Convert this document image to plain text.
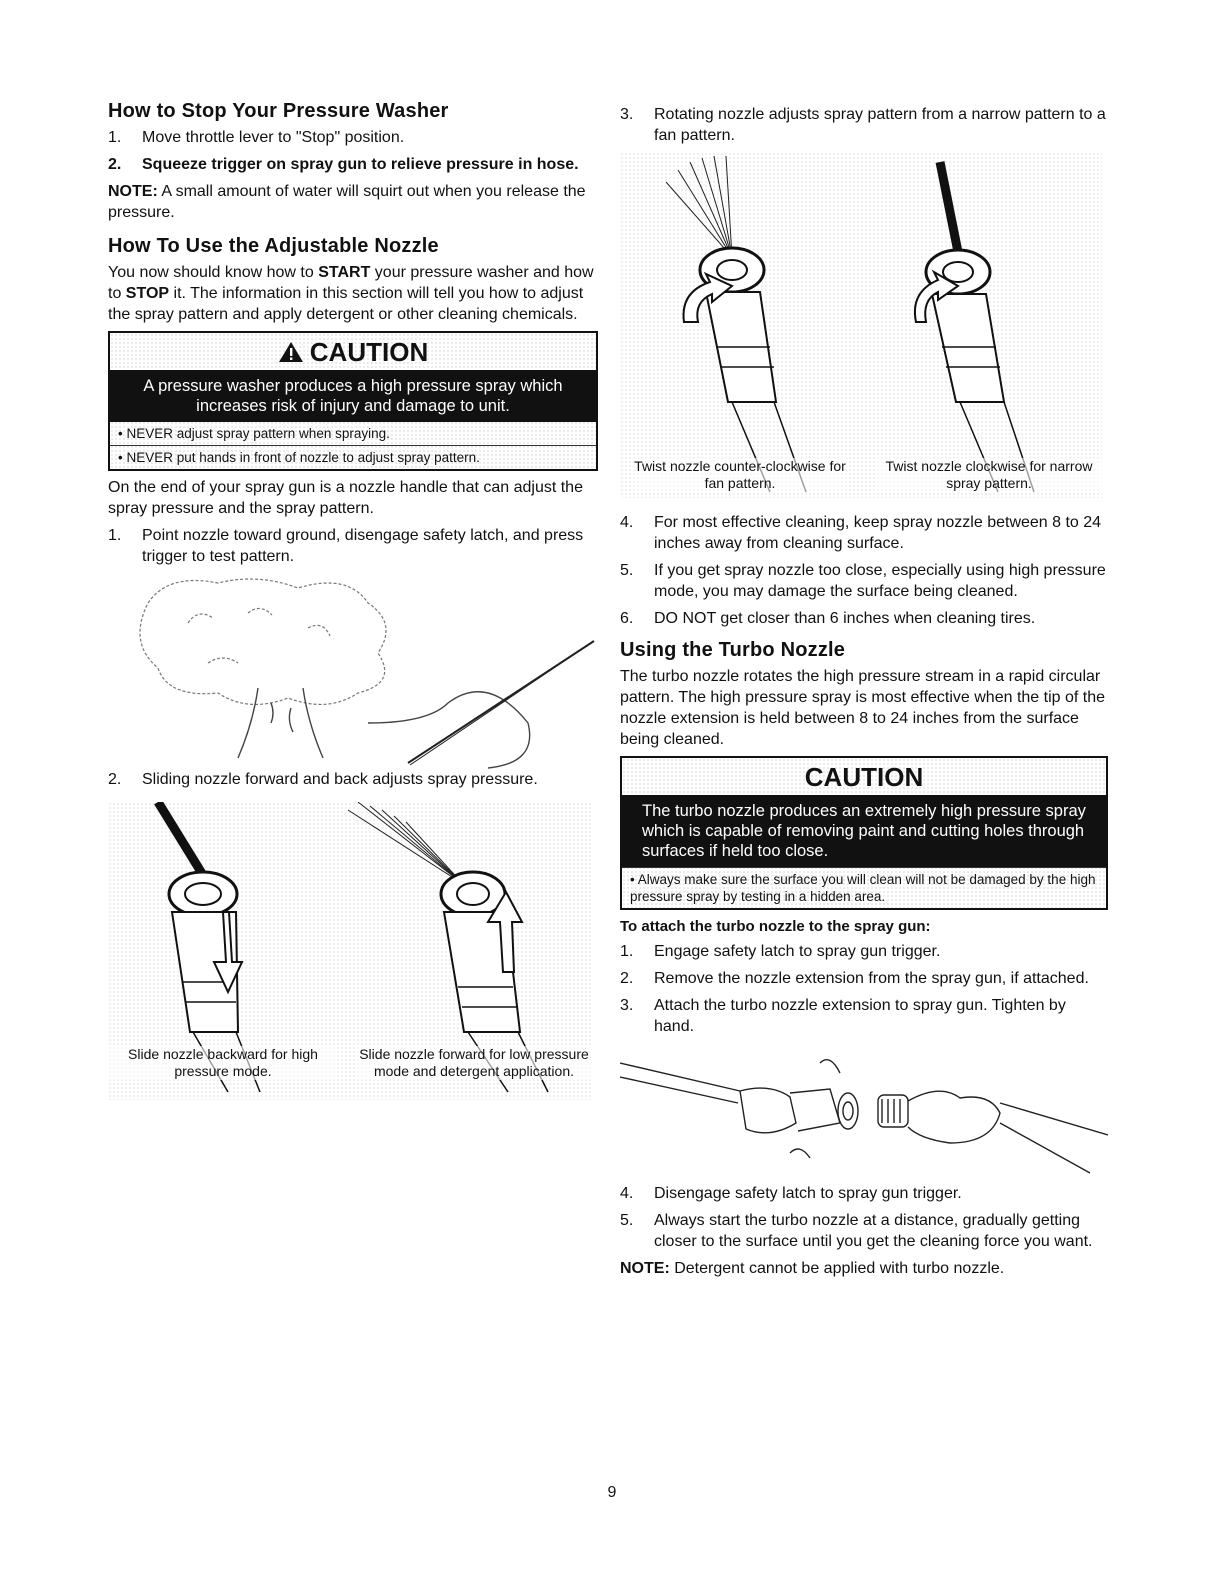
How to Stop Your Pressure Washer
1.	Move throttle lever to "Stop" position.
2.	Squeeze trigger on spray gun to relieve pressure in hose.

NOTE: A small amount of water will squirt out when you release the pressure.

How To Use the Adjustable Nozzle

You now should know how to START your pressure washer and how to STOP it. The information in this section will tell you how to adjust the spray pattern and apply detergent or other cleaning chemicals.

CAUTION
A pressure washer produces a high pressure spray which increases risk of injury and damage to unit.
• NEVER adjust spray pattern when spraying.
• NEVER put hands in front of nozzle to adjust spray pattern.

On the end of your spray gun is a nozzle handle that can adjust the spray pressure and the spray pattern.

1.	Point nozzle toward ground, disengage safety latch, and press trigger to test pattern.
2.	Sliding nozzle forward and back adjusts spray pressure.
Slide nozzle backward for high pressure mode.
Slide nozzle forward for low pressure mode and detergent application.
3.	Rotating nozzle adjusts spray pattern from a narrow pattern to a fan pattern.
Twist nozzle counter-clockwise for fan pattern.
Twist nozzle clockwise for narrow spray pattern.
4.	For most effective cleaning, keep spray nozzle between 8 to 24 inches away from cleaning surface.
5.	If you get spray nozzle too close, especially using high pressure mode, you may damage the surface being cleaned.
6.	DO NOT get closer than 6 inches when cleaning tires.
Using the Turbo Nozzle

The turbo nozzle rotates the high pressure stream in a rapid circular pattern. The high pressure spray is most effective when the tip of the nozzle extension is held between 8 to 24 inches from the surface being cleaned.

CAUTION
The turbo nozzle produces an extremely high pressure spray which is capable of removing paint and cutting holes through surfaces if held too close.
• Always make sure the surface you will clean will not be damaged by the high pressure spray by testing in a hidden area.

To attach the turbo nozzle to the spray gun:

1.	Engage safety latch to spray gun trigger.
2.	Remove the nozzle extension from the spray gun, if attached.
3.	Attach the turbo nozzle extension to spray gun. Tighten by hand.
4.	Disengage safety latch to spray gun trigger.
5.	Always start the turbo nozzle at a distance, gradually getting closer to the surface until you get the cleaning force you want.

NOTE: Detergent cannot be applied with turbo nozzle.

9
